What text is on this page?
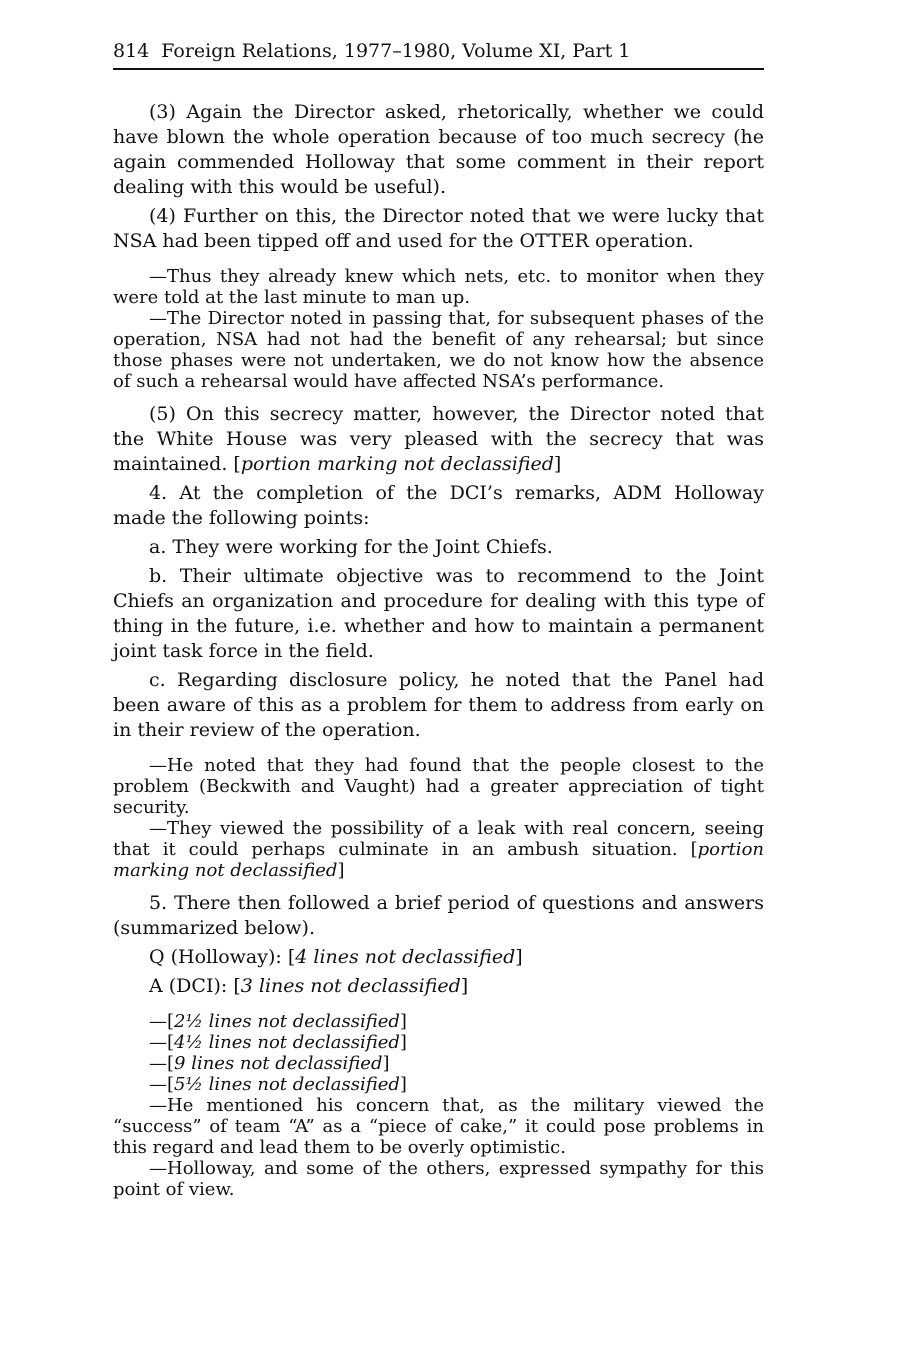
814 Foreign Relations, 1977–1980, Volume XI, Part 1

(3) Again the Director asked, rhetorically, whether we could have blown the whole operation because of too much secrecy (he again commended Holloway that some comment in their report dealing with this would be useful).

(4) Further on this, the Director noted that we were lucky that NSA had been tipped off and used for the OTTER operation.

—Thus they already knew which nets, etc. to monitor when they were told at the last minute to man up.

—The Director noted in passing that, for subsequent phases of the operation, NSA had not had the benefit of any rehearsal; but since those phases were not undertaken, we do not know how the absence of such a rehearsal would have affected NSA’s performance.

(5) On this secrecy matter, however, the Director noted that the White House was very pleased with the secrecy that was maintained. [portion marking not declassified]

4. At the completion of the DCI’s remarks, ADM Holloway made the following points:

a. They were working for the Joint Chiefs.

b. Their ultimate objective was to recommend to the Joint Chiefs an organization and procedure for dealing with this type of thing in the future, i.e. whether and how to maintain a permanent joint task force in the field.

c. Regarding disclosure policy, he noted that the Panel had been aware of this as a problem for them to address from early on in their review of the operation.

—He noted that they had found that the people closest to the problem (Beckwith and Vaught) had a greater appreciation of tight security.

—They viewed the possibility of a leak with real concern, seeing that it could perhaps culminate in an ambush situation. [portion marking not declassified]

5. There then followed a brief period of questions and answers (summarized below).

Q (Holloway): [4 lines not declassified]

A (DCI): [3 lines not declassified]

—[2½ lines not declassified]

—[4½ lines not declassified]

—[9 lines not declassified]

—[5½ lines not declassified]

—He mentioned his concern that, as the military viewed the “success” of team “A” as a “piece of cake,” it could pose problems in this regard and lead them to be overly optimistic.

—Holloway, and some of the others, expressed sympathy for this point of view.
